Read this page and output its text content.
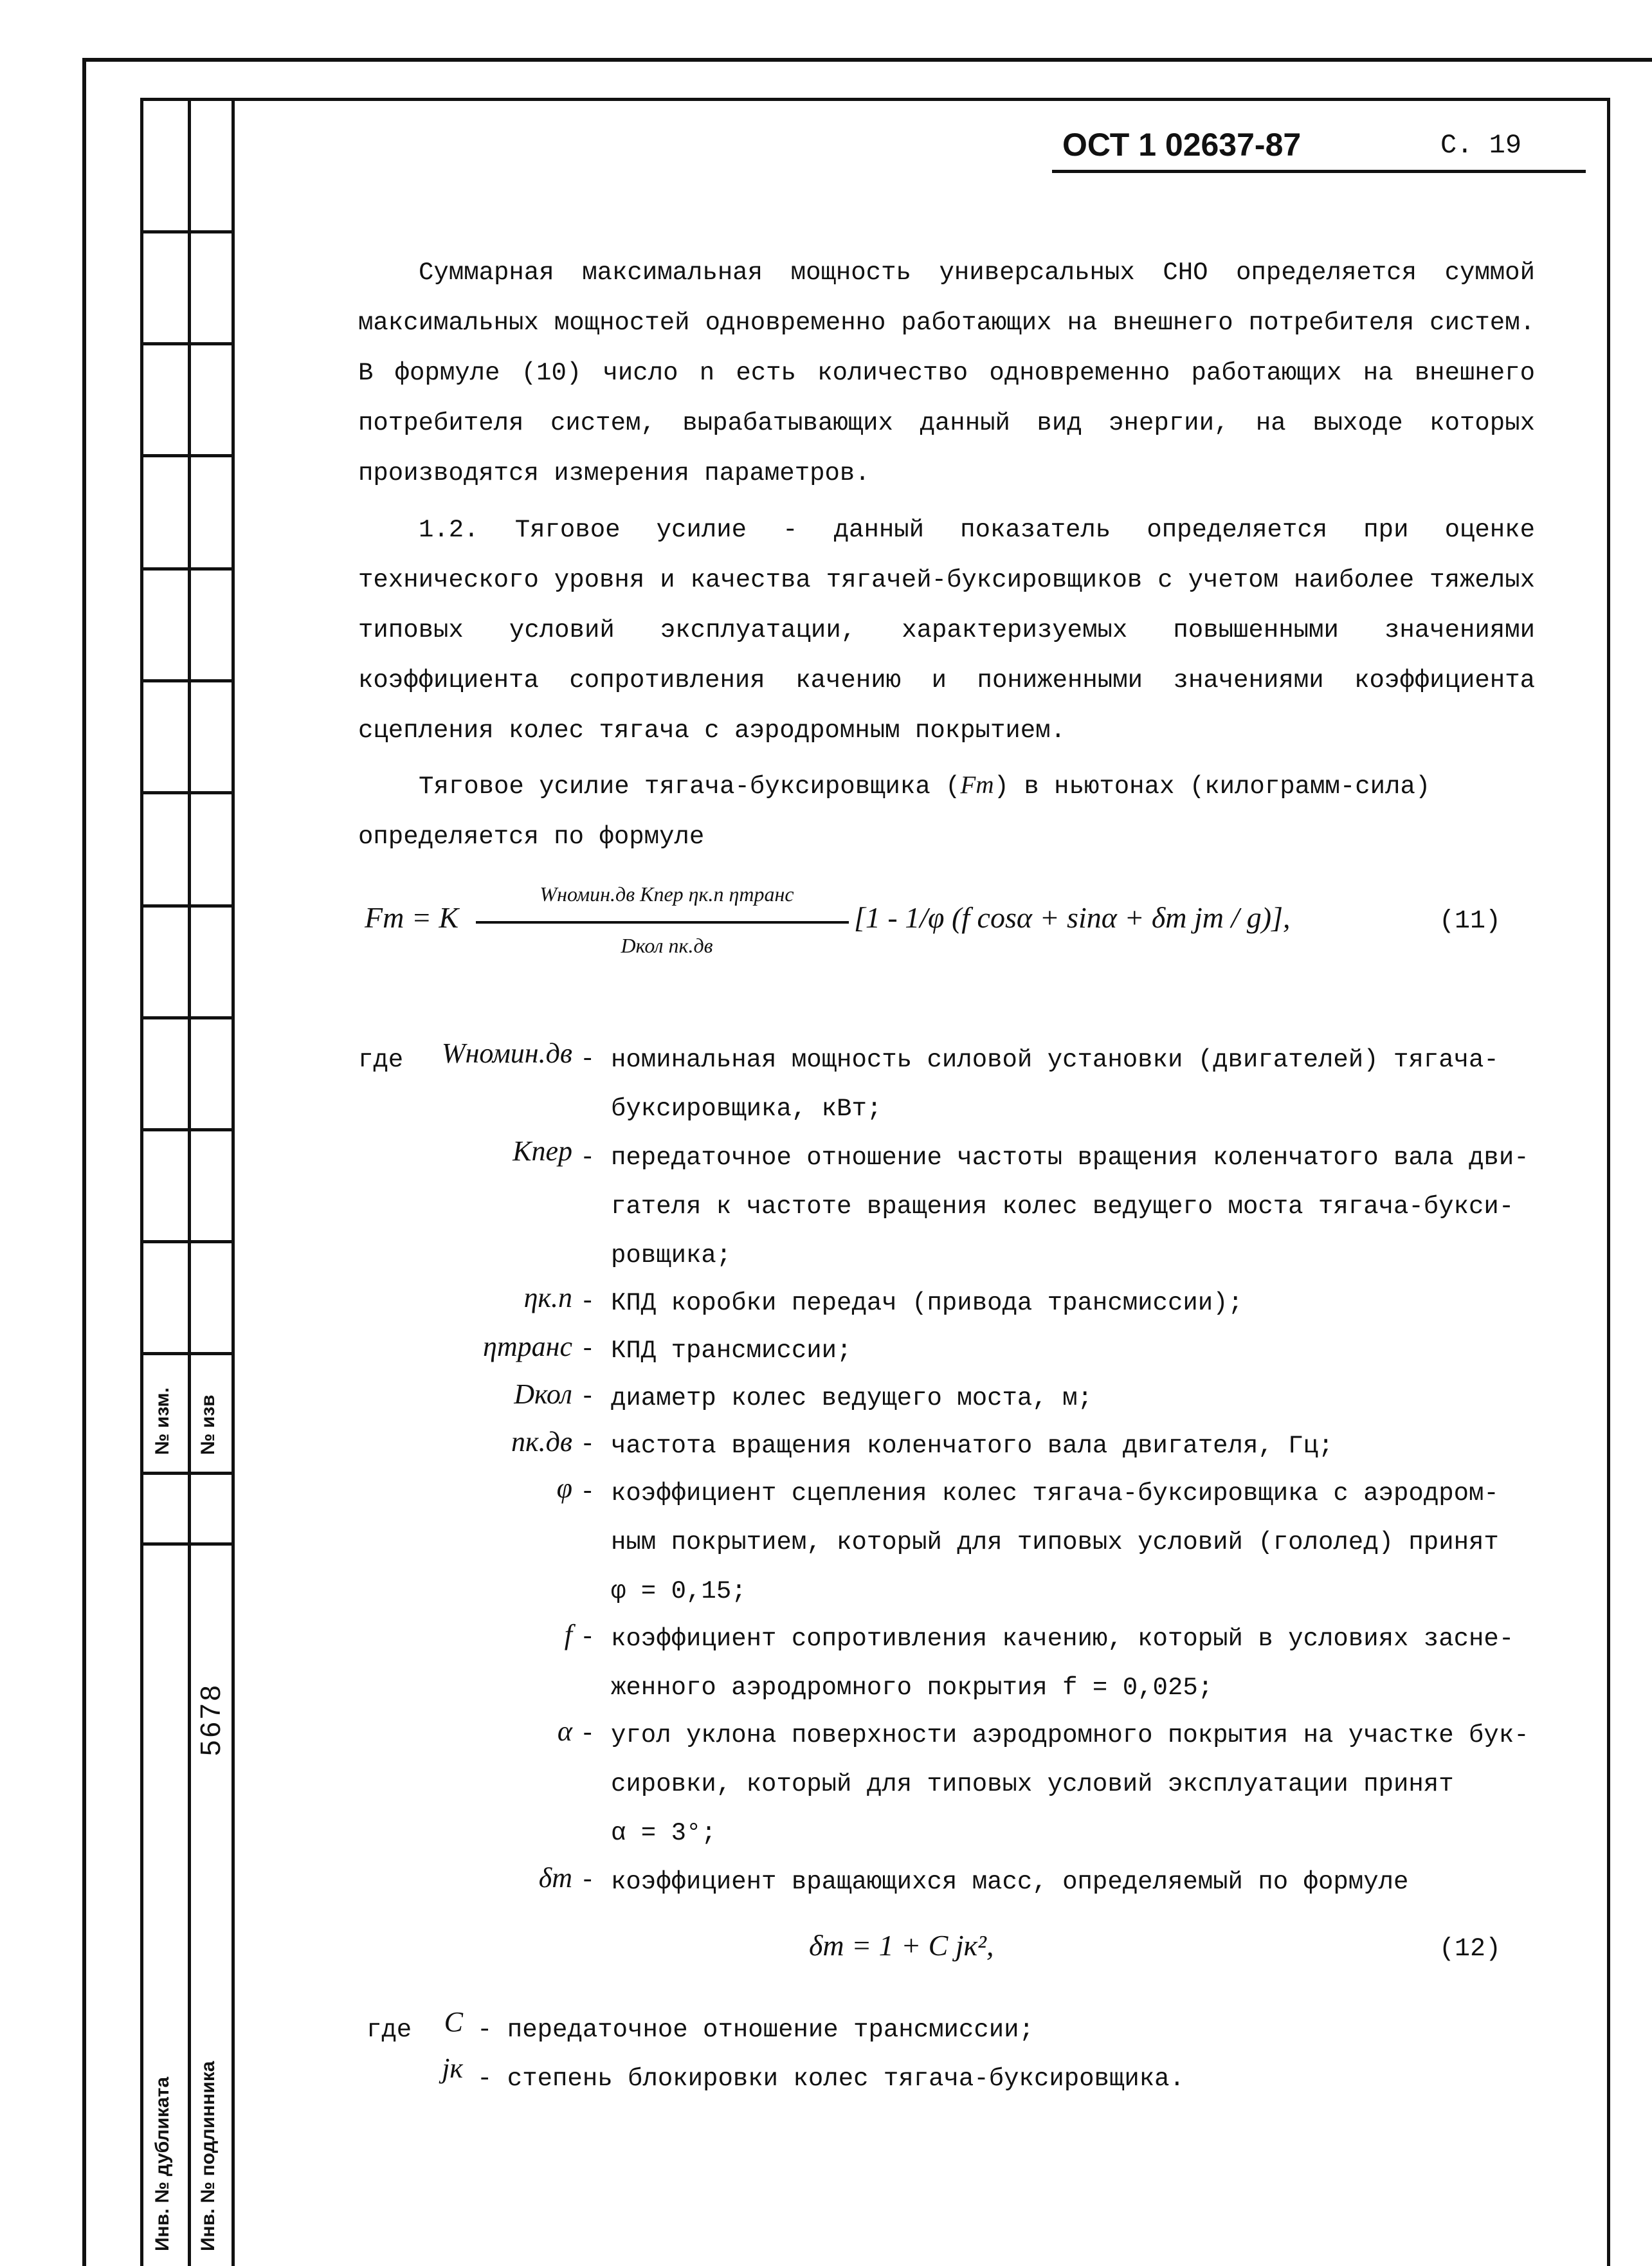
№ изм. № изв
5678
Инв. № дубликата Инв. № подлинника
ОСТ 1 02637-87	С. 19
Суммарная максимальная мощность универсальных СНО определяется суммой максимальных мощностей одновременно работающих на внешнего потребителя систем. В формуле (10) число n есть количество одновременно работающих на внешнего потребителя систем, вырабатывающих данный вид энергии, на выходе которых производятся измерения параметров.
1.2. Тяговое усилие - данный показатель определяется при оценке технического уровня и качества тягачей-буксировщиков с учетом наиболее тяжелых типовых условий эксплуатации, характеризуемых повышенными значениями коэффициента сопротивления качению и пониженными значениями коэффициента сцепления колес тягача с аэродромным покрытием.
Тяговое усилие тягача-буксировщика (Fт) в ньютонах (килограмм-сила)
определяется по формуле
Fт = K
Wномин.дв Kпер ηк.п ηтранс
Dкол nк.дв
[1 - 1/φ (f cosα + sinα + δт jт / g)],	(11)
где	Wномин.дв - номинальная мощность силовой установки (двигателей) тягача-
буксировщика, кВт;
Kпер - передаточное отношение частоты вращения коленчатого вала дви-
гателя к частоте вращения колес ведущего моста тягача-букси-
ровщика;
ηк.п - КПД коробки передач (привода трансмиссии);
ηтранс - КПД трансмиссии;
Dкол - диаметр колес ведущего моста, м;
nк.дв - частота вращения коленчатого вала двигателя, Гц;
φ - коэффициент сцепления колес тягача-буксировщика с аэродром-
ным покрытием, который для типовых условий (гололед) принят
φ = 0,15;
f - коэффициент сопротивления качению, который в условиях засне-
женного аэродромного покрытия f = 0,025;
α - угол уклона поверхности аэродромного покрытия на участке бук-
сировки, который для типовых условий эксплуатации принят
α = 3°;
δт - коэффициент вращающихся масс, определяемый по формуле
δт = 1 + C jк²,	(12)
где C - передаточное отношение трансмиссии;
jк - степень блокировки колес тягача-буксировщика.
